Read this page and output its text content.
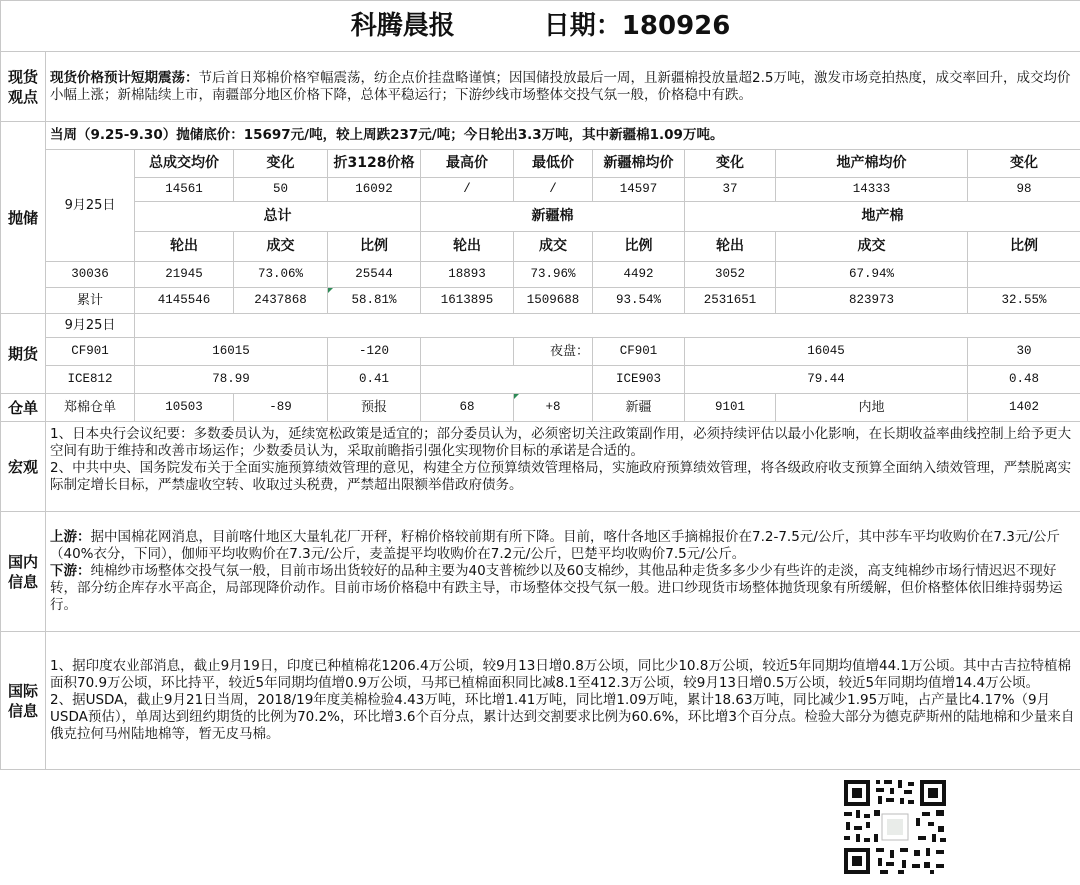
科腾晨报 日期：180926										
现货观点	现货价格预计短期震荡：节后首日郑棉价格窄幅震荡，纺企点价挂盘略谨慎；因国储投放最后一周，且新疆棉投放量超2.5万吨，激发市场竞拍热度，成交率回升，成交均价小幅上涨；新棉陆续上市，南疆部分地区价格下降，总体平稳运行；下游纱线市场整体交投气氛一般，价格稳中有跌。									
抛储	当周（9.25-9.30）抛储底价：15697元/吨，较上周跌237元/吨；今日轮出3.3万吨，其中新疆棉1.09万吨。									
	9月25日	总成交均价	变化	折3128价格	最高价	最低价	新疆棉均价	变化	地产棉均价	变化
		14561	50	16092	/	/	14597	37	14333	98
		总计			新疆棉			地产棉		
		轮出	成交	比例	轮出	成交	比例	轮出	成交	比例
	30036	21945	73.06%	25544	18893	73.96%	4492	3052	67.94%	
	累计	4145546	2437868	58.81%	1613895	1509688	93.54%	2531651	823973	32.55%
期货	9月25日									
	CF901	16015		-120		夜盘：	CF901	16045		30
	ICE812	78.99		0.41			ICE903	79.44		0.48
仓单	郑棉仓单	10503	-89	预报	68	+8	新疆	9101	内地	1402
宏观	1、日本央行会议纪要：多数委员认为，延续宽松政策是适宜的；部分委员认为，必须密切关注政策副作用，必须持续评估以最小化影响，在长期收益率曲线控制上给予更大空间有助于维持和改善市场运作；少数委员认为，采取前瞻指引强化实现物价目标的承诺是合适的。
2、中共中央、国务院发布关于全面实施预算绩效管理的意见，构建全方位预算绩效管理格局，实施政府预算绩效管理，将各级政府收支预算全面纳入绩效管理，严禁脱离实际制定增长目标，严禁虚收空转、收取过头税费，严禁超出限额举借政府债务。									

国内信息	上游：据中国棉花网消息，目前喀什地区大量轧花厂开秤，籽棉价格较前期有所下降。目前，喀什各地区手摘棉报价在7.2-7.5元/公斤，其中莎车平均收购价在7.3元/公斤（40%衣分，下同），伽师平均收购价在7.3元/公斤，麦盖提平均收购价在7.2元/公斤，巴楚平均收购价7.5元/公斤。
下游：纯棉纱市场整体交投气氛一般，目前市场出货较好的品种主要为40支普梳纱以及60支棉纱，其他品种走货多多少少有些许的走淡，高支纯棉纱市场行情迟迟不现好转，部分纺企库存水平高企，局部现降价动作。目前市场价格稳中有跌主导，市场整体交投气氛一般。进口纱现货市场整体抛货现象有所缓解，但价格整体依旧维持弱势运行。									

国际信息	1、据印度农业部消息，截止9月19日，印度已种植棉花1206.4万公顷，较9月13日增0.8万公顷，同比少10.8万公顷，较近5年同期均值增44.1万公顷。其中古吉拉特植棉面积70.9万公顷，环比持平，较近5年同期均值增0.9万公顷，马邦已植棉面积同比减8.1至412.3万公顷，较9月13日增0.5万公顷，较近5年同期均值增14.4万公顷。
2、据USDA，截止9月21日当周，2018/19年度美棉检验4.43万吨，环比增1.41万吨，同比增1.09万吨，累计18.63万吨，同比减少1.95万吨，占产量比4.17%（9月USDA预估），单周达到纽约期货的比例为70.2%，环比增3.6个百分点，累计达到交割要求比例为60.6%，环比增3个百分点。检验大部分为德克萨斯州的陆地棉和少量来自俄克拉何马州陆地棉等，暂无皮马棉。									
